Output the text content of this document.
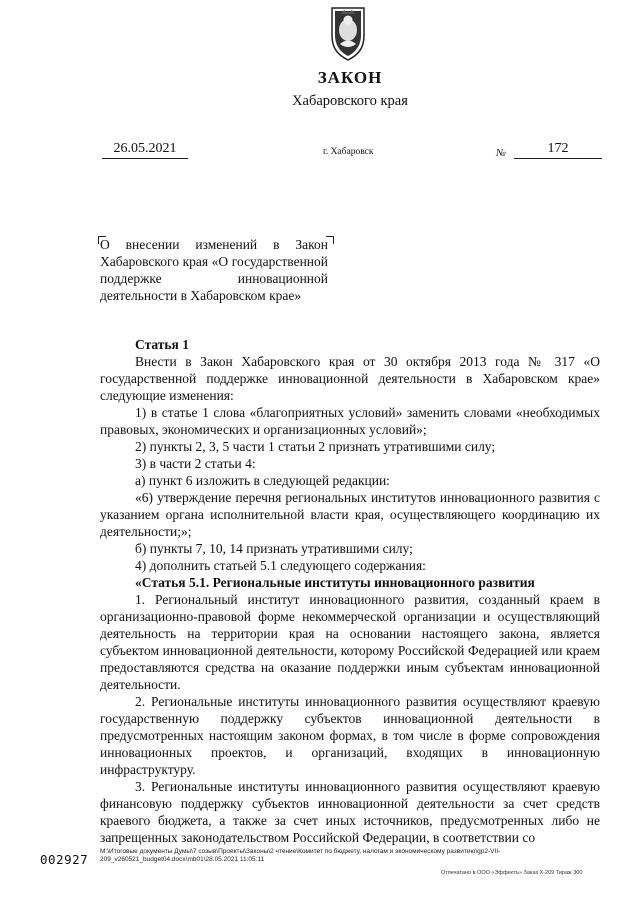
ЗАКОН
Хабаровского края
26.05.2021	г. Хабаровск	№	172
О внесении изменений в Закон Хабаровского края «О государственной поддержке инновационной деятельности в Хабаровском крае»

Статья 1

Внести в Закон Хабаровского края от 30 октября 2013 года № 317 «О государственной поддержке инновационной деятельности в Хабаровском крае» следующие изменения:

1) в статье 1 слова «благоприятных условий» заменить словами «необходимых правовых, экономических и организационных условий»;

2) пункты 2, 3, 5 части 1 статьи 2 признать утратившими силу;

3) в части 2 статьи 4:

а) пункт 6 изложить в следующей редакции:

«6) утверждение перечня региональных институтов инновационного развития с указанием органа исполнительной власти края, осуществляющего координацию их деятельности;»;

б) пункты 7, 10, 14 признать утратившими силу;

4) дополнить статьей 5.1 следующего содержания:

«Статья 5.1. Региональные институты инновационного развития

1. Региональный институт инновационного развития, созданный краем в организационно-правовой форме некоммерческой организации и осуществляющий деятельность на территории края на основании настоящего закона, является субъектом инновационной деятельности, которому Российской Федерацией или краем предоставляются средства на оказание поддержки иным субъектам инновационной деятельности.

2. Региональные институты инновационного развития осуществляют краевую государственную поддержку субъектов инновационной деятельности в предусмотренных настоящим законом формах, в том числе в форме сопровождения инновационных проектов, и организаций, входящих в инновационную инфраструктуру.

3. Региональные институты инновационного развития осуществляют краевую финансовую поддержку субъектов инновационной деятельности за счет средств краевого бюджета, а также за счет иных источников, предусмотренных либо не запрещенных законодательством Российской Федерации, в соответствии со

002927
M:\Итоговые документы Думы\7 созыв\Проекты\Законы\2 чтение\Комитет по бюджету, налогам и экономическому развитию\gp2-VII-209_v260521_budget04.docx\mb01\28.05.2021 11:05:11
Отпечатано в ООО «Эффектъ» Заказ X-209 Тираж 300
